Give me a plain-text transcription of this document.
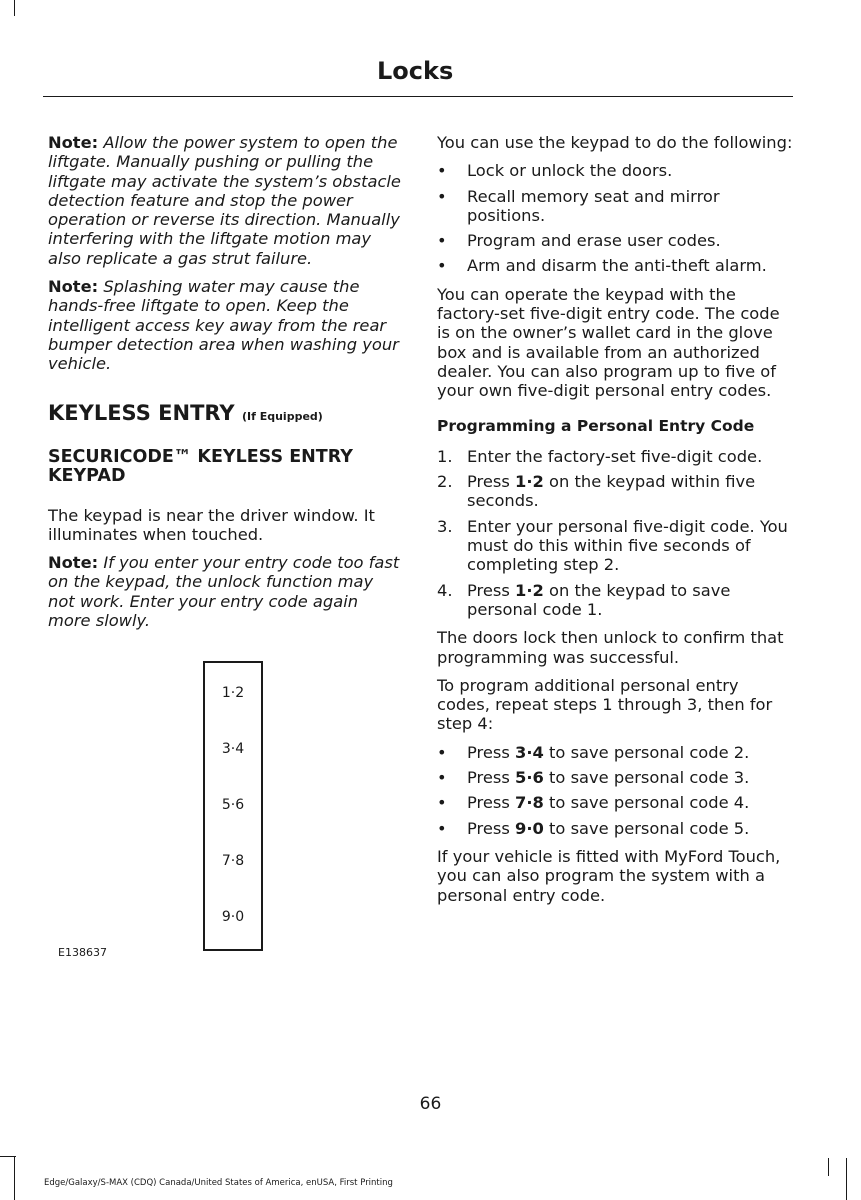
Locks

Note: Allow the power system to open the liftgate. Manually pushing or pulling the liftgate may activate the system’s obstacle detection feature and stop the power operation or reverse its direction. Manually interfering with the liftgate motion may also replicate a gas strut failure.

Note: Splashing water may cause the hands-free liftgate to open. Keep the intelligent access key away from the rear bumper detection area when washing your vehicle.

KEYLESS ENTRY (If Equipped)
SECURICODE™ KEYLESS ENTRY KEYPAD

The keypad is near the driver window. It illuminates when touched.

Note: If you enter your entry code too fast on the keypad, the unlock function may not work. Enter your entry code again more slowly.

1·2
3·4
5·6
7·8
9·0
E138637

You can use the keypad to do the following:

• Lock or unlock the doors.
• Recall memory seat and mirror positions.
• Program and erase user codes.
• Arm and disarm the anti-theft alarm.

You can operate the keypad with the factory-set five-digit entry code. The code is on the owner’s wallet card in the glove box and is available from an authorized dealer. You can also program up to five of your own five-digit personal entry codes.

Programming a Personal Entry Code
1. Enter the factory-set five-digit code.
2. Press 1·2 on the keypad within five seconds.
3. Enter your personal five-digit code. You must do this within five seconds of completing step 2.
4. Press 1·2 on the keypad to save personal code 1.

The doors lock then unlock to confirm that programming was successful.

To program additional personal entry codes, repeat steps 1 through 3, then for step 4:

• Press 3·4 to save personal code 2.
• Press 5·6 to save personal code 3.
• Press 7·8 to save personal code 4.
• Press 9·0 to save personal code 5.

If your vehicle is fitted with MyFord Touch, you can also program the system with a personal entry code.

66
Edge/Galaxy/S-MAX (CDQ) Canada/United States of America, enUSA, First Printing
